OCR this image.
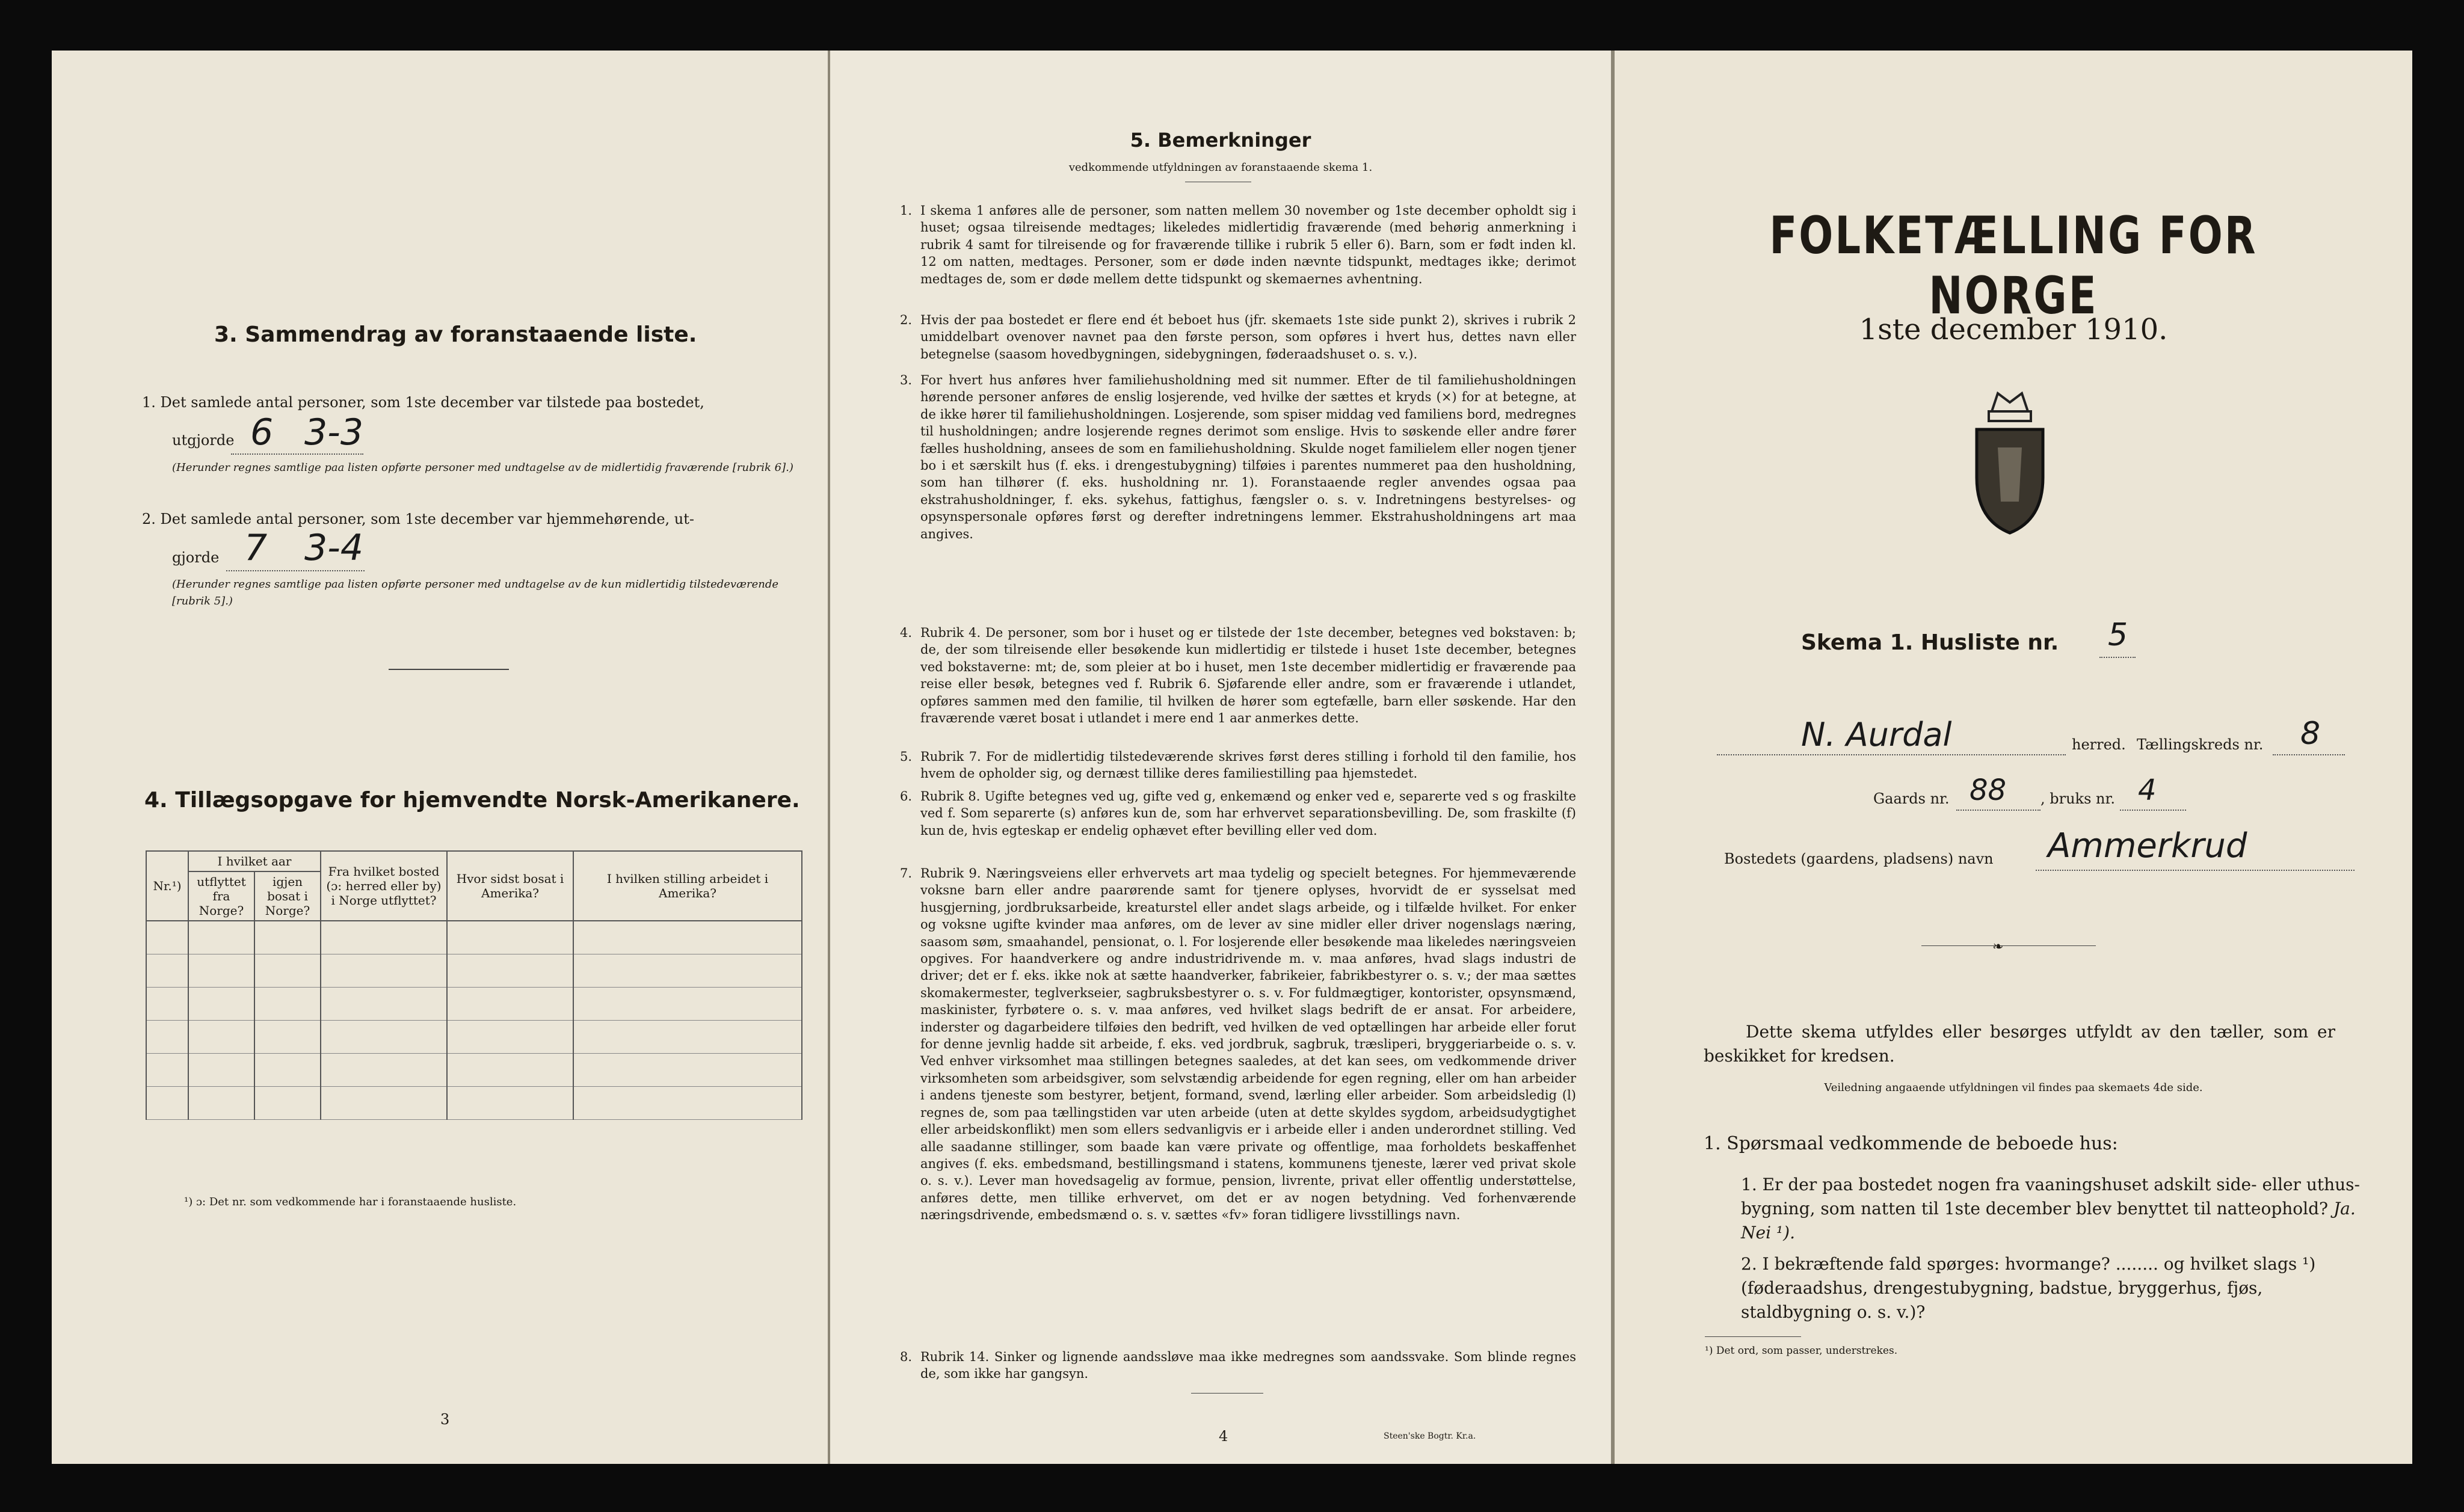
3. Sammendrag av foranstaaende liste.
1. Det samlede antal personer, som 1ste december var tilstede paa bostedet,
utgjorde 6 3-3
(Herunder regnes samtlige paa listen opførte personer med undtagelse av de midlertidig fraværende [rubrik 6].)
2. Det samlede antal personer, som 1ste december var hjemmehørende, ut-
gjorde 7 3-4
(Herunder regnes samtlige paa listen opførte personer med undtagelse av de kun midlertidig tilstedeværende [rubrik 5].)
4. Tillægsopgave for hjemvendte Norsk-Amerikanere.
Nr.¹)	I hvilket aar		Fra hvilket bosted (ɔ: herred eller by) i Norge utflyttet?	Hvor sidst bosat i Amerika?	I hvilken stilling arbeidet i Amerika?
	utflyttet fra Norge?	igjen bosat i Norge?			

¹) ɔ: Det nr. som vedkommende har i foranstaaende husliste.
3
5. Bemerkninger
vedkommende utfyldningen av foranstaaende skema 1.
1. I skema 1 anføres alle de personer, som natten mellem 30 november og 1ste december opholdt sig i huset; ogsaa tilreisende medtages; likeledes midlertidig fraværende (med behørig anmerkning i rubrik 4 samt for tilreisende og for fraværende tillike i rubrik 5 eller 6). Barn, som er født inden kl. 12 om natten, medtages. Personer, som er døde inden nævnte tidspunkt, medtages ikke; derimot medtages de, som er døde mellem dette tidspunkt og skemaernes avhentning.
2. Hvis der paa bostedet er flere end ét beboet hus (jfr. skemaets 1ste side punkt 2), skrives i rubrik 2 umiddelbart ovenover navnet paa den første person, som opføres i hvert hus, dettes navn eller betegnelse (saasom hovedbygningen, sidebygningen, føderaadshuset o. s. v.).
3. For hvert hus anføres hver familiehusholdning med sit nummer. Efter de til familiehusholdningen hørende personer anføres de enslig losjerende, ved hvilke der sættes et kryds (×) for at betegne, at de ikke hører til familiehusholdningen. Losjerende, som spiser middag ved familiens bord, medregnes til husholdningen; andre losjerende regnes derimot som enslige. Hvis to søskende eller andre fører fælles husholdning, ansees de som en familiehusholdning. Skulde noget familielem eller nogen tjener bo i et særskilt hus (f. eks. i drengestubygning) tilføies i parentes nummeret paa den husholdning, som han tilhører (f. eks. husholdning nr. 1). Foranstaaende regler anvendes ogsaa paa ekstrahusholdninger, f. eks. sykehus, fattighus, fængsler o. s. v. Indretningens bestyrelses- og opsynspersonale opføres først og derefter indretningens lemmer. Ekstrahusholdningens art maa angives.
4. Rubrik 4. De personer, som bor i huset og er tilstede der 1ste december, betegnes ved bokstaven: b; de, der som tilreisende eller besøkende kun midlertidig er tilstede i huset 1ste december, betegnes ved bokstaverne: mt; de, som pleier at bo i huset, men 1ste december midlertidig er fraværende paa reise eller besøk, betegnes ved f. Rubrik 6. Sjøfarende eller andre, som er fraværende i utlandet, opføres sammen med den familie, til hvilken de hører som egtefælle, barn eller søskende. Har den fraværende været bosat i utlandet i mere end 1 aar anmerkes dette.
5. Rubrik 7. For de midlertidig tilstedeværende skrives først deres stilling i forhold til den familie, hos hvem de opholder sig, og dernæst tillike deres familiestilling paa hjemstedet.
6. Rubrik 8. Ugifte betegnes ved ug, gifte ved g, enkemænd og enker ved e, separerte ved s og fraskilte ved f. Som separerte (s) anføres kun de, som har erhvervet separationsbevilling. De, som fraskilte (f) kun de, hvis egteskap er endelig ophævet efter bevilling eller ved dom.
7. Rubrik 9. Næringsveiens eller erhvervets art maa tydelig og specielt betegnes. For hjemmeværende voksne barn eller andre paarørende samt for tjenere oplyses, hvorvidt de er sysselsat med husgjerning, jordbruksarbeide, kreaturstel eller andet slags arbeide, og i tilfælde hvilket. For enker og voksne ugifte kvinder maa anføres, om de lever av sine midler eller driver nogenslags næring, saasom søm, smaahandel, pensionat, o. l. For losjerende eller besøkende maa likeledes næringsveien opgives. For haandverkere og andre industridrivende m. v. maa anføres, hvad slags industri de driver; det er f. eks. ikke nok at sætte haandverker, fabrikeier, fabrikbestyrer o. s. v.; der maa sættes skomakermester, teglverkseier, sagbruksbestyrer o. s. v. For fuldmægtiger, kontorister, opsynsmænd, maskinister, fyrbøtere o. s. v. maa anføres, ved hvilket slags bedrift de er ansat. For arbeidere, inderster og dagarbeidere tilføies den bedrift, ved hvilken de ved optællingen har arbeide eller forut for denne jevnlig hadde sit arbeide, f. eks. ved jordbruk, sagbruk, træsliperi, bryggeriarbeide o. s. v. Ved enhver virksomhet maa stillingen betegnes saaledes, at det kan sees, om vedkommende driver virksomheten som arbeidsgiver, som selvstændig arbeidende for egen regning, eller om han arbeider i andens tjeneste som bestyrer, betjent, formand, svend, lærling eller arbeider. Som arbeidsledig (l) regnes de, som paa tællingstiden var uten arbeide (uten at dette skyldes sygdom, arbeidsudygtighet eller arbeidskonflikt) men som ellers sedvanligvis er i arbeide eller i anden underordnet stilling. Ved alle saadanne stillinger, som baade kan være private og offentlige, maa forholdets beskaffenhet angives (f. eks. embedsmand, bestillingsmand i statens, kommunens tjeneste, lærer ved privat skole o. s. v.). Lever man hovedsagelig av formue, pension, livrente, privat eller offentlig understøttelse, anføres dette, men tillike erhvervet, om det er av nogen betydning. Ved forhenværende næringsdrivende, embedsmænd o. s. v. sættes «fv» foran tidligere livsstillings navn.
8. Rubrik 14. Sinker og lignende aandssløve maa ikke medregnes som aandssvake. Som blinde regnes de, som ikke har gangsyn.
4	Steen'ske Bogtr. Kr.a.
FOLKETÆLLING FOR NORGE
1ste december 1910.
Skema 1. Husliste nr. 5
N. Aurdal	herred. Tællingskreds nr. 8
Gaards nr. 88 , bruks nr. 4
Bostedets (gaardens, pladsens) navn Ammerkrud
❧
Dette skema utfyldes eller besørges utfyldt av den tæller, som er beskikket for kredsen.
Veiledning angaaende utfyldningen vil findes paa skemaets 4de side.
1. Spørsmaal vedkommende de beboede hus:
1. Er der paa bostedet nogen fra vaaningshuset adskilt side- eller uthus-bygning, som natten til 1ste december blev benyttet til natteophold? Ja. Nei ¹).
2. I bekræftende fald spørges: hvormange? ........ og hvilket slags ¹) (føderaadshus, drengestubygning, badstue, bryggerhus, fjøs, staldbygning o. s. v.)?
¹) Det ord, som passer, understrekes.
